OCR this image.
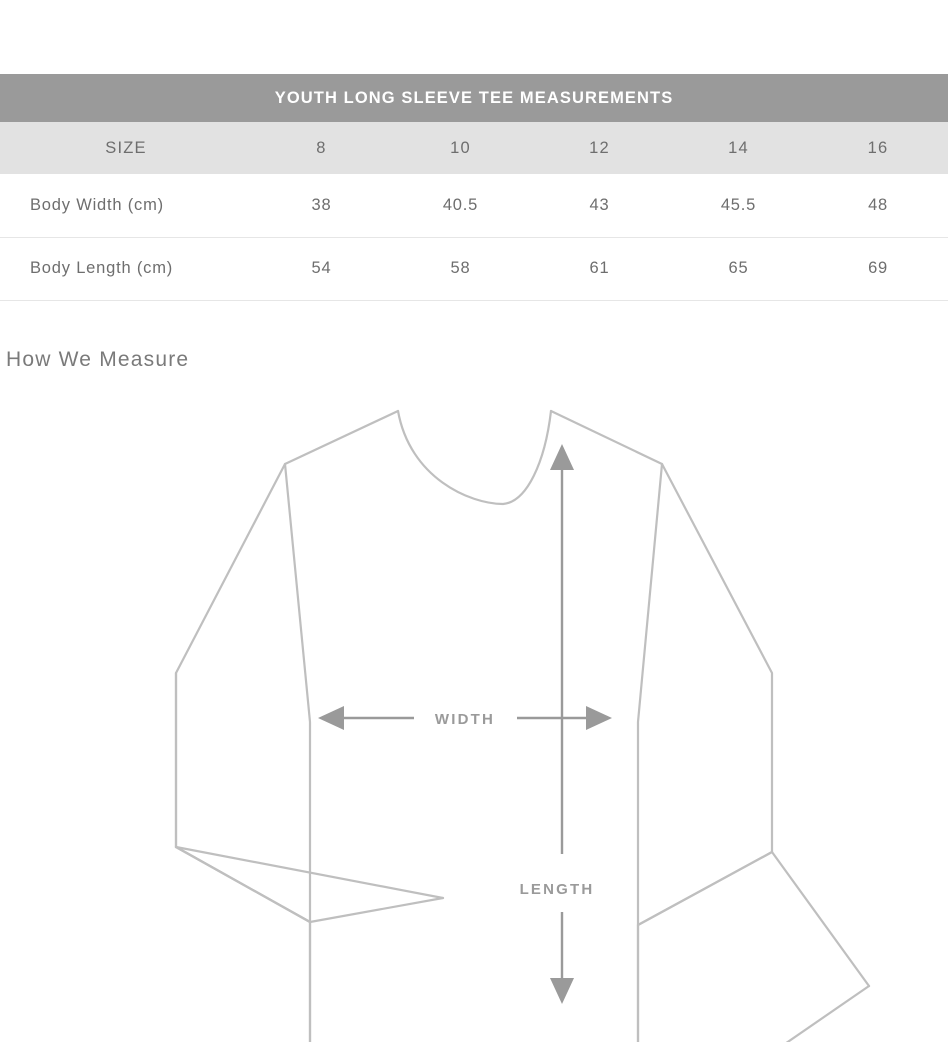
YOUTH LONG SLEEVE TEE MEASUREMENTS					
SIZE	8	10	12	14	16
Body Width (cm)	38	40.5	43	45.5	48
Body Length (cm)	54	58	61	65	69
How We Measure
WIDTH
LENGTH
